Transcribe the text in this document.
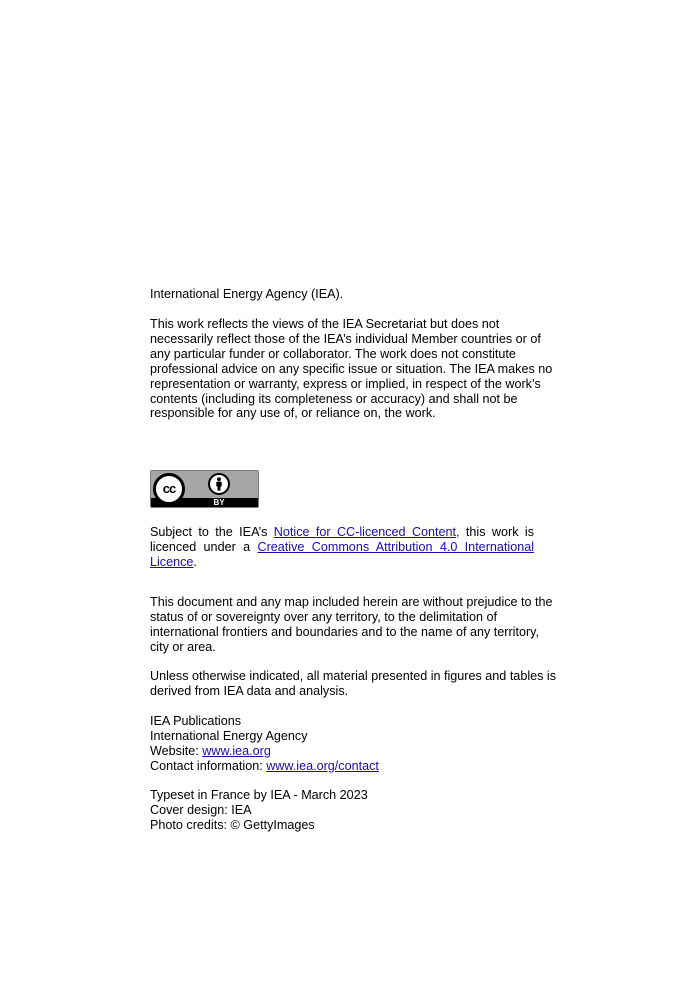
International Energy Agency (IEA).

This work reflects the views of the IEA Secretariat but does not necessarily reflect those of the IEA’s individual Member countries or of any particular funder or collaborator. The work does not constitute professional advice on any specific issue or situation. The IEA makes no representation or warranty, express or implied, in respect of the work’s contents (including its completeness or accuracy) and shall not be responsible for any use of, or reliance on, the work.

cc
BY

Subject to the IEA’s Notice for CC-licenced Content, this work is licenced under a Creative Commons Attribution 4.0 International Licence.

This document and any map included herein are without prejudice to the status of or sovereignty over any territory, to the delimitation of international frontiers and boundaries and to the name of any territory, city or area.

Unless otherwise indicated, all material presented in figures and tables is derived from IEA data and analysis.

IEA Publications

International Energy Agency

Website: www.iea.org

Contact information: www.iea.org/contact

Typeset in France by IEA - March 2023

Cover design: IEA

Photo credits: © GettyImages
